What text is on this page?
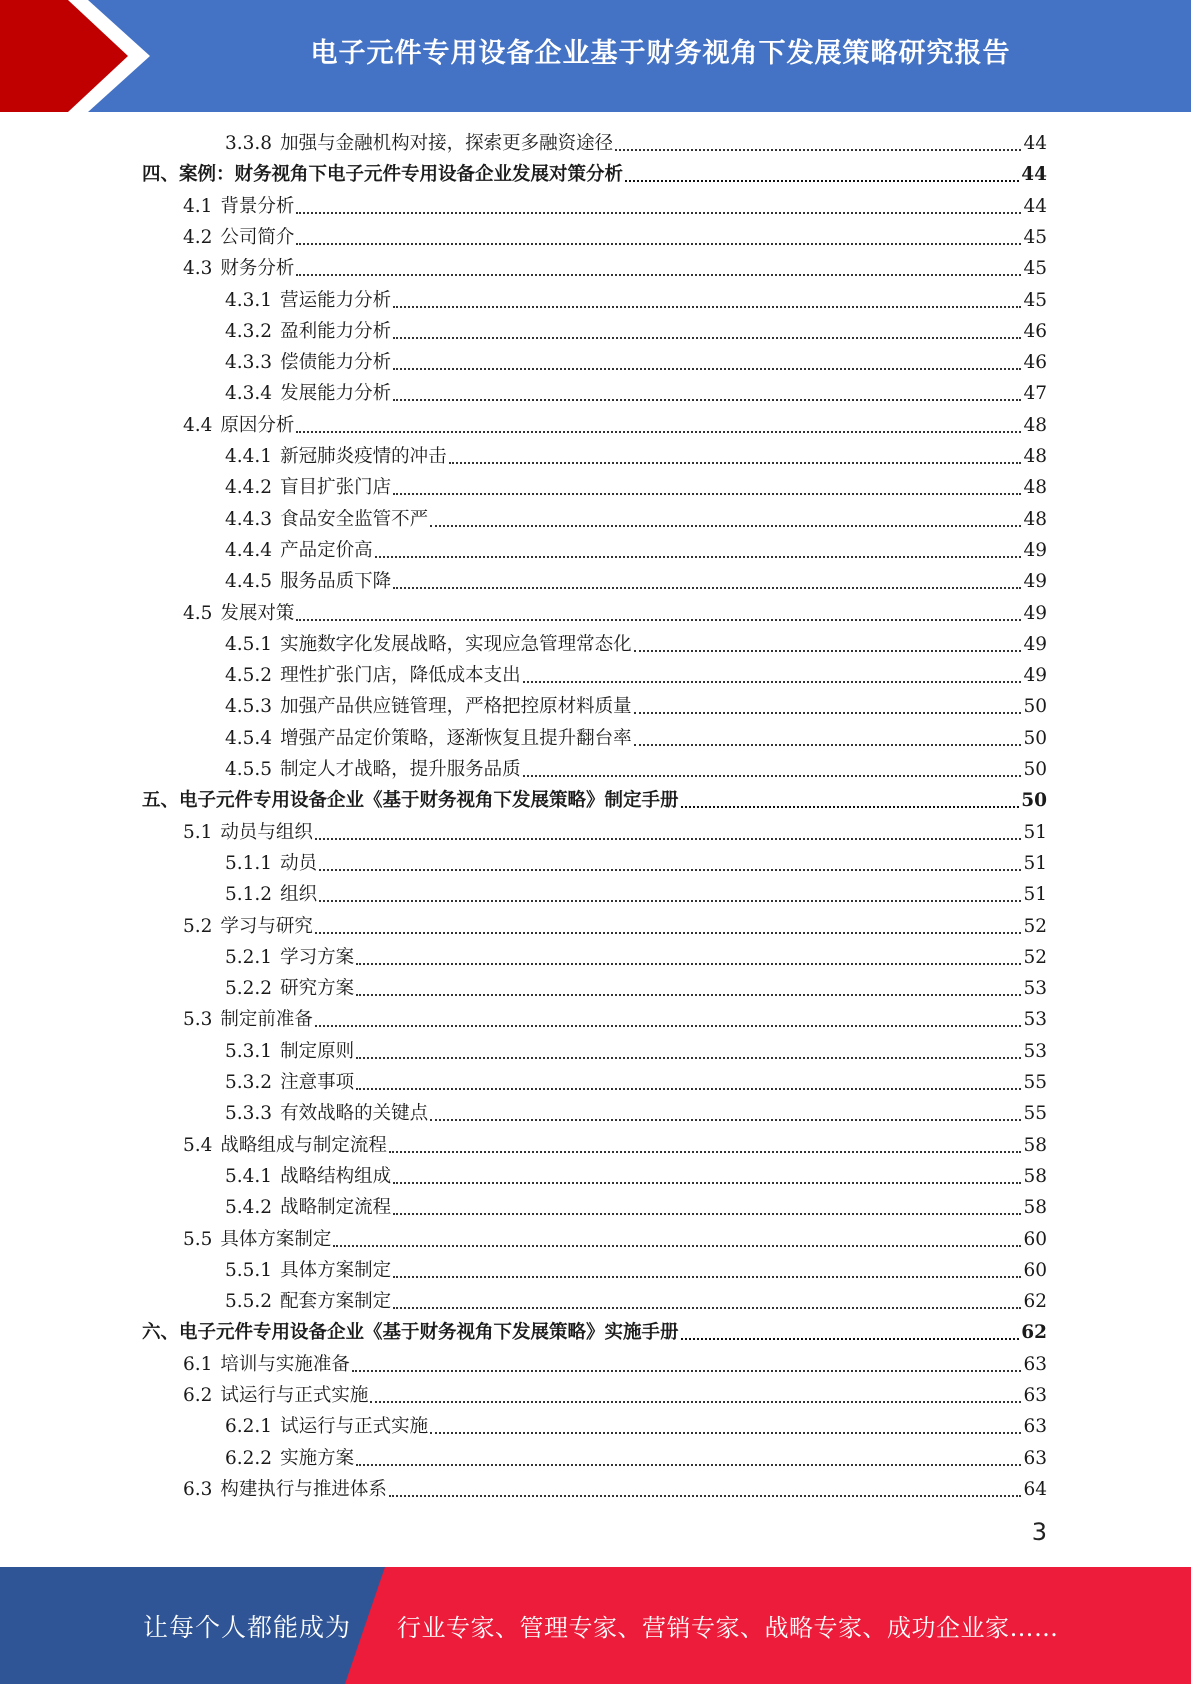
电子元件专用设备企业基于财务视角下发展策略研究报告
3.3.8 加强与金融机构对接，探索更多融资途径	44
四、案例：财务视角下电子元件专用设备企业发展对策分析	44
4.1 背景分析	44
4.2 公司简介	45
4.3 财务分析	45
4.3.1 营运能力分析	45
4.3.2 盈利能力分析	46
4.3.3 偿债能力分析	46
4.3.4 发展能力分析	47
4.4 原因分析	48
4.4.1 新冠肺炎疫情的冲击	48
4.4.2 盲目扩张门店	48
4.4.3 食品安全监管不严	48
4.4.4 产品定价高	49
4.4.5 服务品质下降	49
4.5 发展对策	49
4.5.1 实施数字化发展战略，实现应急管理常态化	49
4.5.2 理性扩张门店，降低成本支出	49
4.5.3 加强产品供应链管理，严格把控原材料质量	50
4.5.4 增强产品定价策略，逐渐恢复且提升翻台率	50
4.5.5 制定人才战略，提升服务品质	50
五、电子元件专用设备企业《基于财务视角下发展策略》制定手册	50
5.1 动员与组织	51
5.1.1 动员	51
5.1.2 组织	51
5.2 学习与研究	52
5.2.1 学习方案	52
5.2.2 研究方案	53
5.3 制定前准备	53
5.3.1 制定原则	53
5.3.2 注意事项	55
5.3.3 有效战略的关键点	55
5.4 战略组成与制定流程	58
5.4.1 战略结构组成	58
5.4.2 战略制定流程	58
5.5 具体方案制定	60
5.5.1 具体方案制定	60
5.5.2 配套方案制定	62
六、电子元件专用设备企业《基于财务视角下发展策略》实施手册	62
6.1 培训与实施准备	63
6.2 试运行与正式实施	63
6.2.1 试运行与正式实施	63
6.2.2 实施方案	63
6.3 构建执行与推进体系	64
3
让每个人都能成为 行业专家、管理专家、营销专家、战略专家、成功企业家……
